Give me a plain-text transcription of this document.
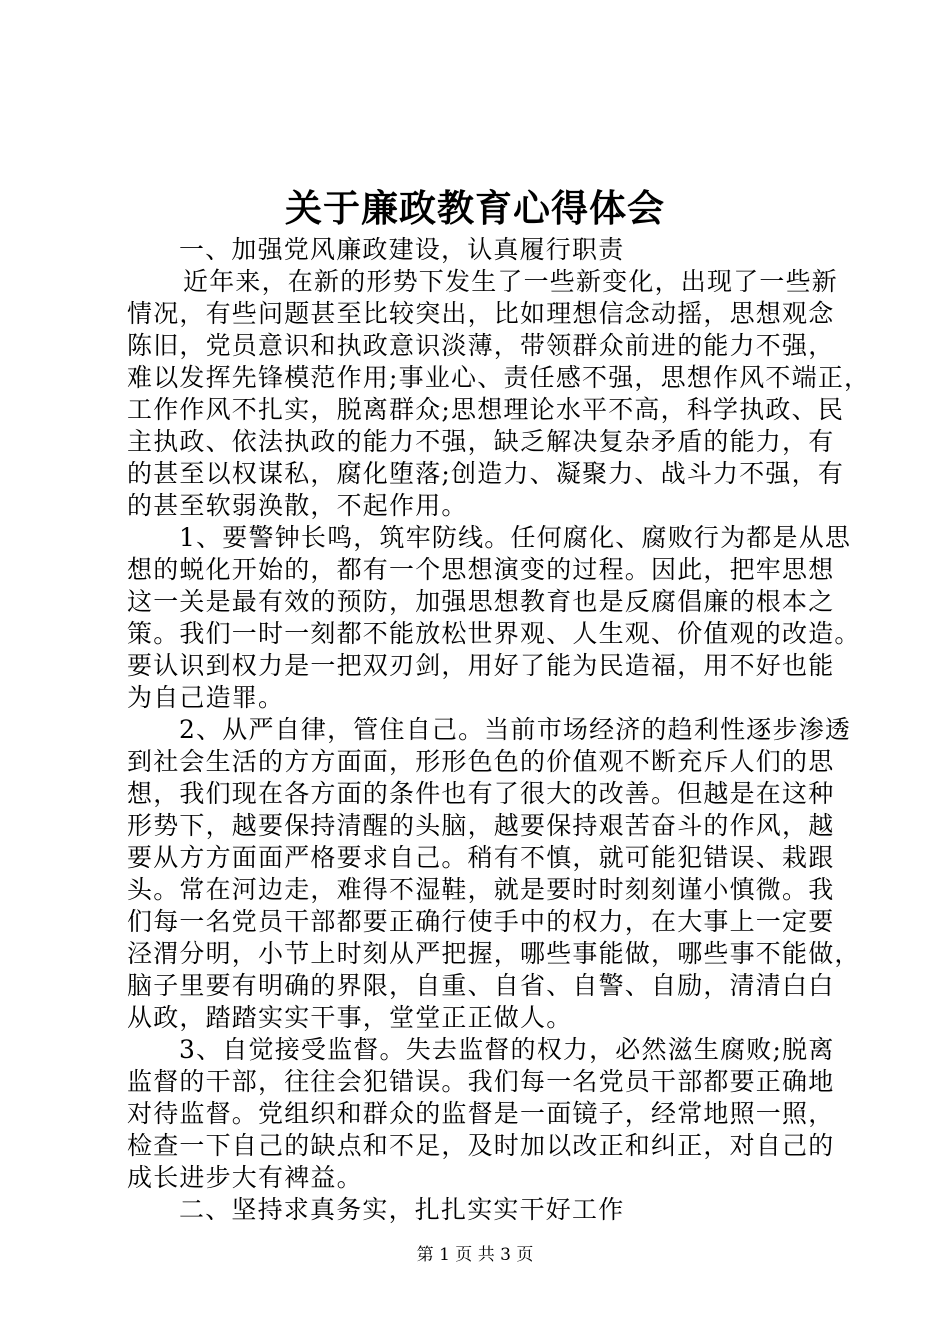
关于廉政教育心得体会
一、加强党风廉政建设，认真履行职责
近年来，在新的形势下发生了一些新变化，出现了一些新
情况，有些问题甚至比较突出，比如理想信念动摇，思想观念
陈旧，党员意识和执政意识淡薄，带领群众前进的能力不强，
难以发挥先锋模范作用;事业心、责任感不强，思想作风不端正，
工作作风不扎实，脱离群众;思想理论水平不高，科学执政、民
主执政、依法执政的能力不强，缺乏解决复杂矛盾的能力，有
的甚至以权谋私，腐化堕落;创造力、凝聚力、战斗力不强，有
的甚至软弱涣散，不起作用。
1、要警钟长鸣，筑牢防线。任何腐化、腐败行为都是从思
想的蜕化开始的，都有一个思想演变的过程。因此，把牢思想
这一关是最有效的预防，加强思想教育也是反腐倡廉的根本之
策。我们一时一刻都不能放松世界观、人生观、价值观的改造。
要认识到权力是一把双刃剑，用好了能为民造福，用不好也能
为自己造罪。
2、从严自律，管住自己。当前市场经济的趋利性逐步渗透
到社会生活的方方面面，形形色色的价值观不断充斥人们的思
想，我们现在各方面的条件也有了很大的改善。但越是在这种
形势下，越要保持清醒的头脑，越要保持艰苦奋斗的作风，越
要从方方面面严格要求自己。稍有不慎，就可能犯错误、栽跟
头。常在河边走，难得不湿鞋，就是要时时刻刻谨小慎微。我
们每一名党员干部都要正确行使手中的权力，在大事上一定要
泾渭分明，小节上时刻从严把握，哪些事能做，哪些事不能做，
脑子里要有明确的界限，自重、自省、自警、自励，清清白白
从政，踏踏实实干事，堂堂正正做人。
3、自觉接受监督。失去监督的权力，必然滋生腐败;脱离
监督的干部，往往会犯错误。我们每一名党员干部都要正确地
对待监督。党组织和群众的监督是一面镜子，经常地照一照，
检查一下自己的缺点和不足，及时加以改正和纠正，对自己的
成长进步大有裨益。
二、坚持求真务实，扎扎实实干好工作
第 1 页 共 3 页
